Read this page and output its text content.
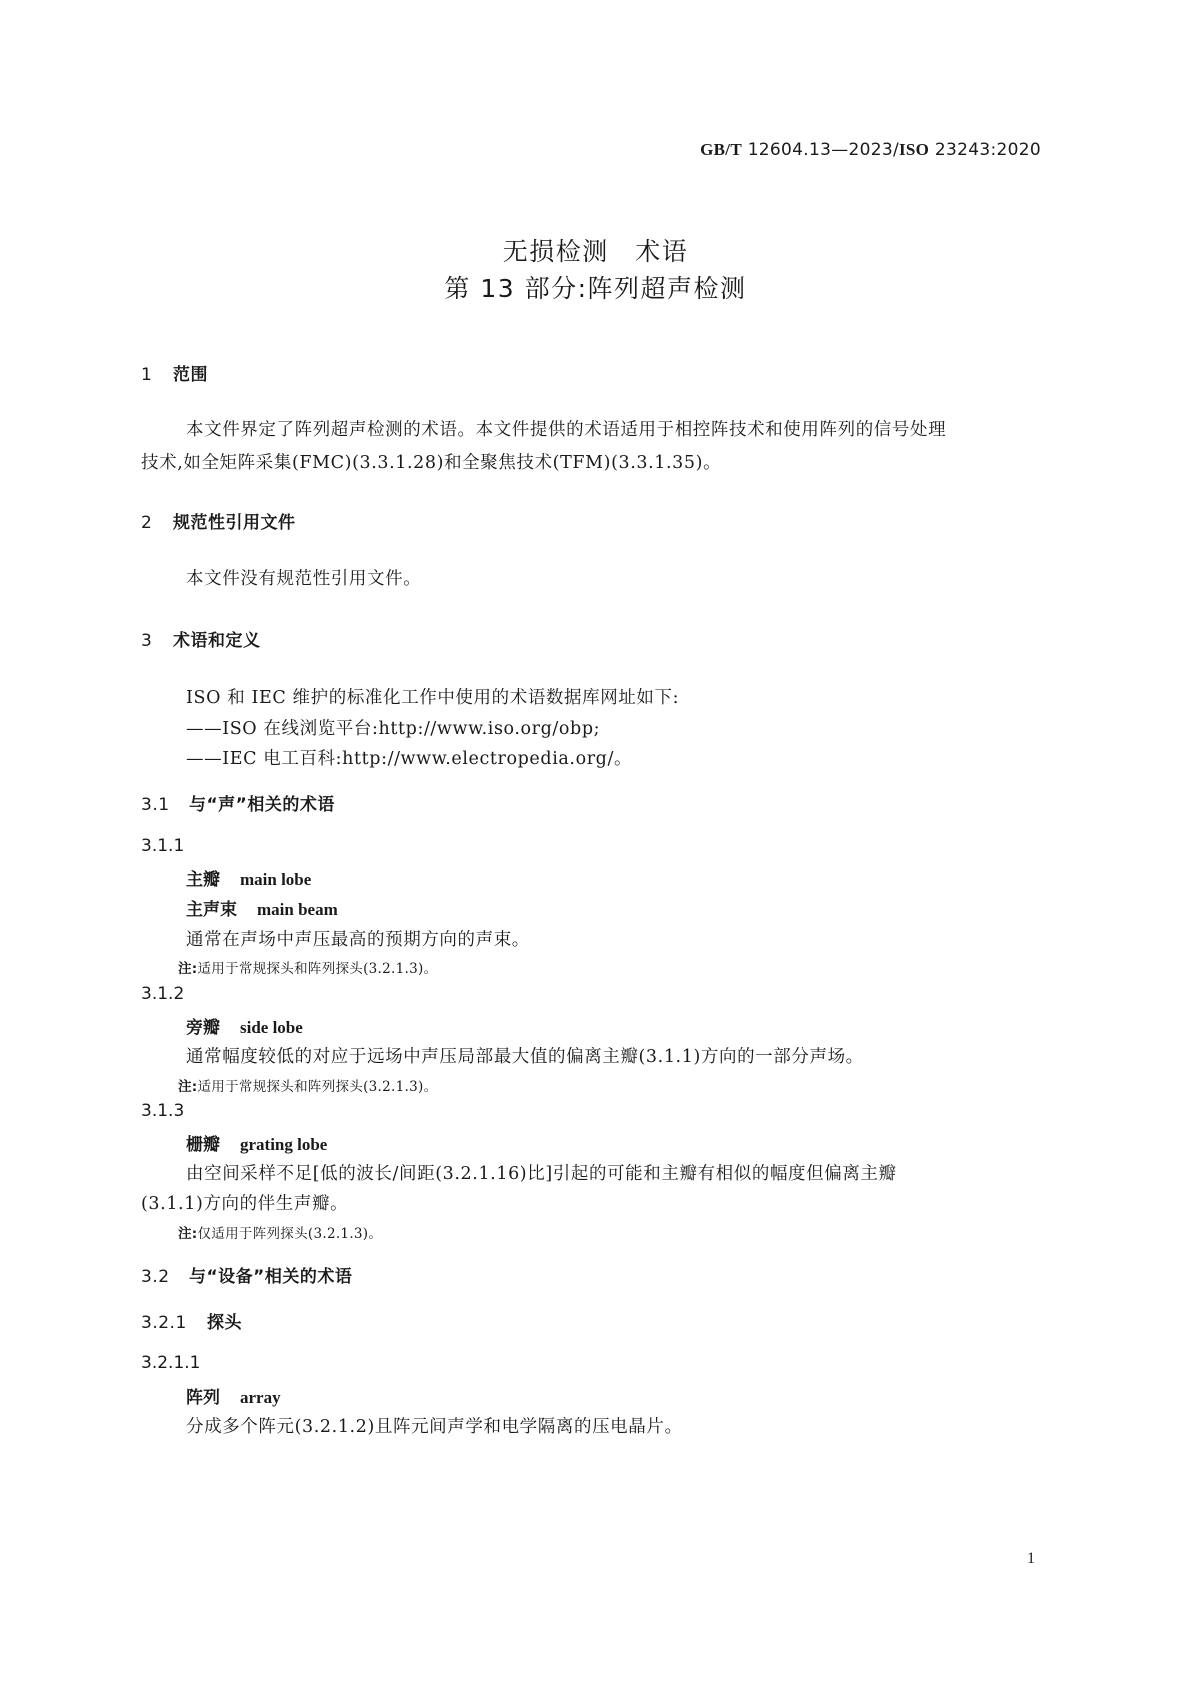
GB/T 12604.13—2023/ISO 23243:2020
无损检测　术语
第 13 部分:阵列超声检测
1 范围
本文件界定了阵列超声检测的术语。本文件提供的术语适用于相控阵技术和使用阵列的信号处理
技术,如全矩阵采集(FMC)(3.3.1.28)和全聚焦技术(TFM)(3.3.1.35)。
2 规范性引用文件
本文件没有规范性引用文件。
3 术语和定义
ISO 和 IEC 维护的标准化工作中使用的术语数据库网址如下:
——ISO 在线浏览平台:http://www.iso.org/obp;
——IEC 电工百科:http://www.electropedia.org/。
3.1 与“声”相关的术语
3.1.1
主瓣 main lobe
主声束 main beam
通常在声场中声压最高的预期方向的声束。
注:适用于常规探头和阵列探头(3.2.1.3)。
3.1.2
旁瓣 side lobe
通常幅度较低的对应于远场中声压局部最大值的偏离主瓣(3.1.1)方向的一部分声场。
注:适用于常规探头和阵列探头(3.2.1.3)。
3.1.3
栅瓣 grating lobe
由空间采样不足[低的波长/间距(3.2.1.16)比]引起的可能和主瓣有相似的幅度但偏离主瓣
(3.1.1)方向的伴生声瓣。
注:仅适用于阵列探头(3.2.1.3)。
3.2 与“设备”相关的术语
3.2.1 探头
3.2.1.1
阵列 array
分成多个阵元(3.2.1.2)且阵元间声学和电学隔离的压电晶片。
1
